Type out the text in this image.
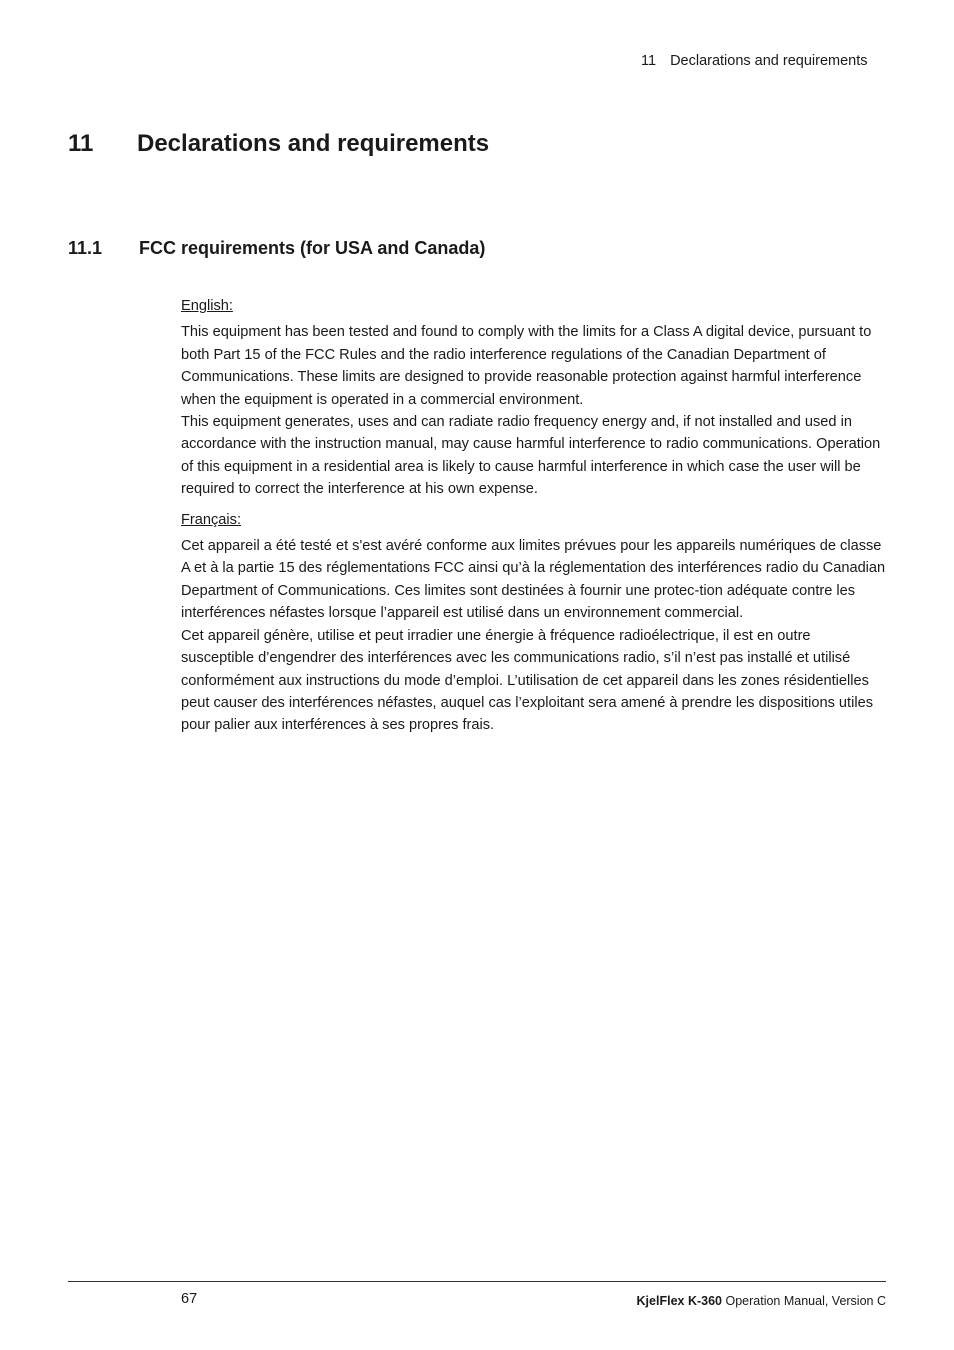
11 Declarations and requirements
11 Declarations and requirements
11.1 FCC requirements (for USA and Canada)

English:

This equipment has been tested and found to comply with the limits for a Class A digital device, pursuant to both Part 15 of the FCC Rules and the radio interference regulations of the Canadian Department of Communications. These limits are designed to provide reasonable protection against harmful interference when the equipment is operated in a commercial environment.

This equipment generates, uses and can radiate radio frequency energy and, if not installed and used in accordance with the instruction manual, may cause harmful interference to radio communications. Operation of this equipment in a residential area is likely to cause harmful interference in which case the user will be required to correct the interference at his own expense.

Français:

Cet appareil a été testé et s'est avéré conforme aux limites prévues pour les appareils numériques de classe A et à la partie 15 des réglementations FCC ainsi qu’à la réglementation des interférences radio du Canadian Department of Communications. Ces limites sont destinées à fournir une protec-tion adéquate contre les interférences néfastes lorsque l’appareil est utilisé dans un environnement commercial.

Cet appareil génère, utilise et peut irradier une énergie à fréquence radioélectrique, il est en outre susceptible d’engendrer des interférences avec les communications radio, s’il n’est pas installé et utilisé conformément aux instructions du mode d’emploi. L’utilisation de cet appareil dans les zones résidentielles peut causer des interférences néfastes, auquel cas l’exploitant sera amené à prendre les dispositions utiles pour palier aux interférences à ses propres frais.

67	KjelFlex K-360 Operation Manual, Version C
